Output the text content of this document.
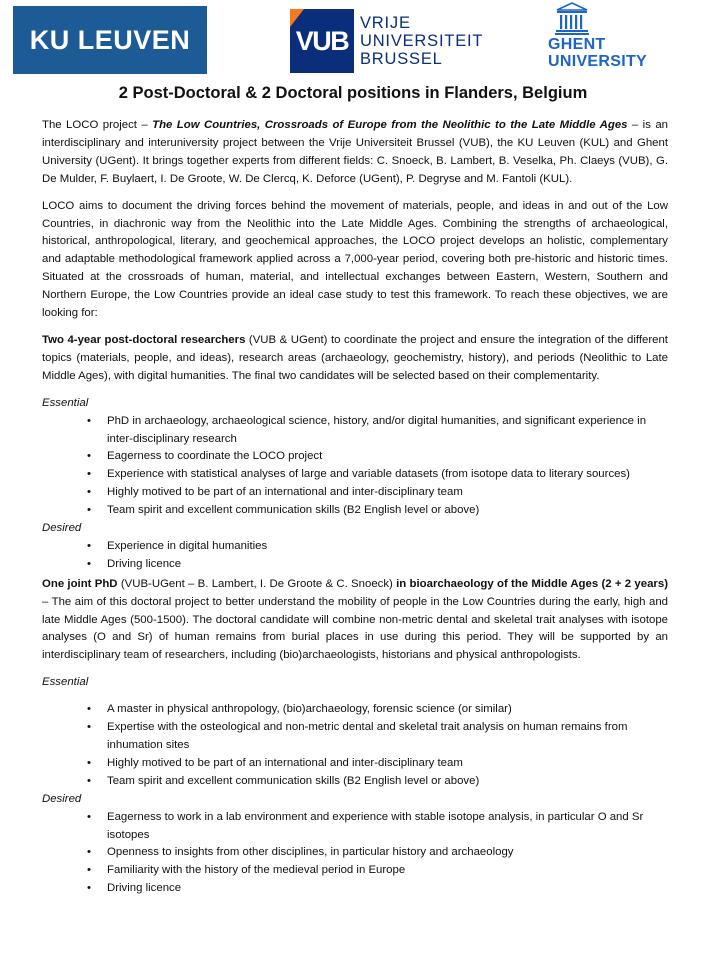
KU LEUVEN	VUB
VRIJE
UNIVERSITEIT
BRUSSEL
GHENT
UNIVERSITY
2 Post-Doctoral & 2 Doctoral positions in Flanders, Belgium

The LOCO project – The Low Countries, Crossroads of Europe from the Neolithic to the Late Middle Ages – is an interdisciplinary and interuniversity project between the Vrije Universiteit Brussel (VUB), the KU Leuven (KUL) and Ghent University (UGent). It brings together experts from different fields: C. Snoeck, B. Lambert, B. Veselka, Ph. Claeys (VUB), G. De Mulder, F. Buylaert, I. De Groote, W. De Clercq, K. Deforce (UGent), P. Degryse and M. Fantoli (KUL).

LOCO aims to document the driving forces behind the movement of materials, people, and ideas in and out of the Low Countries, in diachronic way from the Neolithic into the Late Middle Ages. Combining the strengths of archaeological, historical, anthropological, literary, and geochemical approaches, the LOCO project develops an holistic, complementary and adaptable methodological framework applied across a 7,000-year period, covering both pre-historic and historic times. Situated at the crossroads of human, material, and intellectual exchanges between Eastern, Western, Southern and Northern Europe, the Low Countries provide an ideal case study to test this framework. To reach these objectives, we are looking for:

Two 4-year post-doctoral researchers (VUB & UGent) to coordinate the project and ensure the integration of the different topics (materials, people, and ideas), research areas (archaeology, geochemistry, history), and periods (Neolithic to Late Middle Ages), with digital humanities. The final two candidates will be selected based on their complementarity.

Essential
• PhD in archaeology, archaeological science, history, and/or digital humanities, and significant experience in inter-disciplinary research
• Eagerness to coordinate the LOCO project
• Experience with statistical analyses of large and variable datasets (from isotope data to literary sources)
• Highly motived to be part of an international and inter-disciplinary team
• Team spirit and excellent communication skills (B2 English level or above)
Desired
• Experience in digital humanities
• Driving licence

One joint PhD (VUB-UGent – B. Lambert, I. De Groote & C. Snoeck) in bioarchaeology of the Middle Ages (2 + 2 years) – The aim of this doctoral project to better understand the mobility of people in the Low Countries during the early, high and late Middle Ages (500-1500). The doctoral candidate will combine non-metric dental and skeletal trait analyses with isotope analyses (O and Sr) of human remains from burial places in use during this period. They will be supported by an interdisciplinary team of researchers, including (bio)archaeologists, historians and physical anthropologists.

Essential
• A master in physical anthropology, (bio)archaeology, forensic science (or similar)
• Expertise with the osteological and non-metric dental and skeletal trait analysis on human remains from inhumation sites
• Highly motived to be part of an international and inter-disciplinary team
• Team spirit and excellent communication skills (B2 English level or above)
Desired
• Eagerness to work in a lab environment and experience with stable isotope analysis, in particular O and Sr isotopes
• Openness to insights from other disciplines, in particular history and archaeology
• Familiarity with the history of the medieval period in Europe
• Driving licence
